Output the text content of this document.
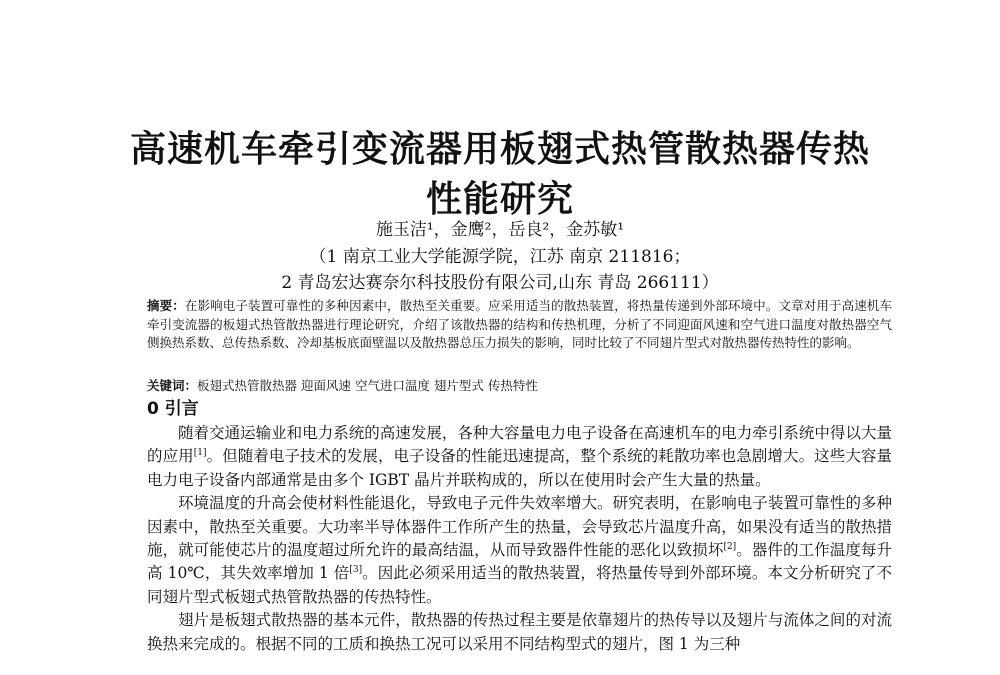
高速机车牵引变流器用板翅式热管散热器传热性能研究
施玉洁¹，金鹰²，岳良²，金苏敏¹
（1 南京工业大学能源学院，江苏 南京 211816；
2 青岛宏达赛奈尔科技股份有限公司,山东 青岛 266111）
摘要：在影响电子装置可靠性的多种因素中，散热至关重要。应采用适当的散热装置，将热量传递到外部环境中。文章对用于高速机车牵引变流器的板翅式热管散热器进行理论研究，介绍了该散热器的结构和传热机理，分析了不同迎面风速和空气进口温度对散热器空气侧换热系数、总传热系数、冷却基板底面壁温以及散热器总压力损失的影响，同时比较了不同翅片型式对散热器传热特性的影响。
关键词：板翅式热管散热器 迎面风速 空气进口温度 翅片型式 传热特性
0 引言

随着交通运输业和电力系统的高速发展，各种大容量电力电子设备在高速机车的电力牵引系统中得以大量的应用[1]。但随着电子技术的发展，电子设备的性能迅速提高，整个系统的耗散功率也急剧增大。这些大容量电力电子设备内部通常是由多个 IGBT 晶片并联构成的，所以在使用时会产生大量的热量。

环境温度的升高会使材料性能退化，导致电子元件失效率增大。研究表明，在影响电子装置可靠性的多种因素中，散热至关重要。大功率半导体器件工作所产生的热量，会导致芯片温度升高，如果没有适当的散热措施，就可能使芯片的温度超过所允许的最高结温，从而导致器件性能的恶化以致损坏[2]。器件的工作温度每升高 10℃，其失效率增加 1 倍[3]。因此必须采用适当的散热装置，将热量传导到外部环境。本文分析研究了不同翅片型式板翅式热管散热器的传热特性。

翅片是板翅式散热器的基本元件，散热器的传热过程主要是依靠翅片的热传导以及翅片与流体之间的对流换热来完成的。根据不同的工质和换热工况可以采用不同结构型式的翅片，图 1 为三种
